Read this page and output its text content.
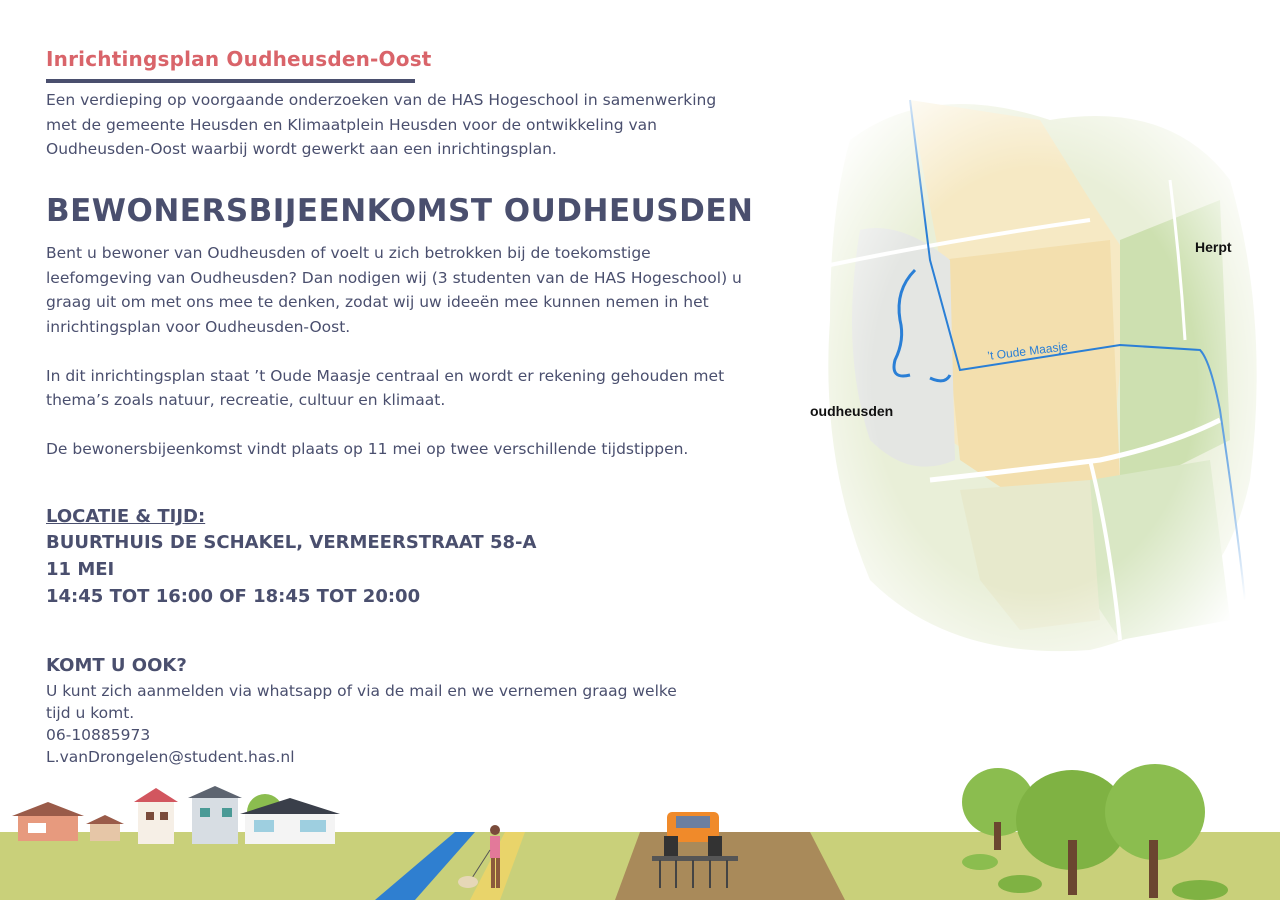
Inrichtingsplan Oudheusden-Oost
Een verdieping op voorgaande onderzoeken van de HAS Hogeschool in samenwerking met de gemeente Heusden en Klimaatplein Heusden voor de ontwikkeling van Oudheusden-Oost waarbij wordt gewerkt aan een inrichtingsplan.
BEWONERSBIJEENKOMST OUDHEUSDEN

Bent u bewoner van Oudheusden of voelt u zich betrokken bij de toekomstige leefomgeving van Oudheusden? Dan nodigen wij (3 studenten van de HAS Hogeschool) u graag uit om met ons mee te denken, zodat wij uw ideeën mee kunnen nemen in het inrichtingsplan voor Oudheusden-Oost.

In dit inrichtingsplan staat ’t Oude Maasje centraal en wordt er rekening gehouden met thema’s zoals natuur, recreatie, cultuur en klimaat.

De bewonersbijeenkomst vindt plaats op 11 mei op twee verschillende tijdstippen.

LOCATIE & TIJD:
BUURTHUIS DE SCHAKEL, VERMEERSTRAAT 58-A
11 MEI
14:45 TOT 16:00 OF 18:45 TOT 20:00
KOMT U OOK?
U kunt zich aanmelden via whatsapp of via de mail en we vernemen graag welke tijd u komt.
06-10885973
L.vanDrongelen@student.has.nl
’t Oude Maasje
Herpt
oudheusden
